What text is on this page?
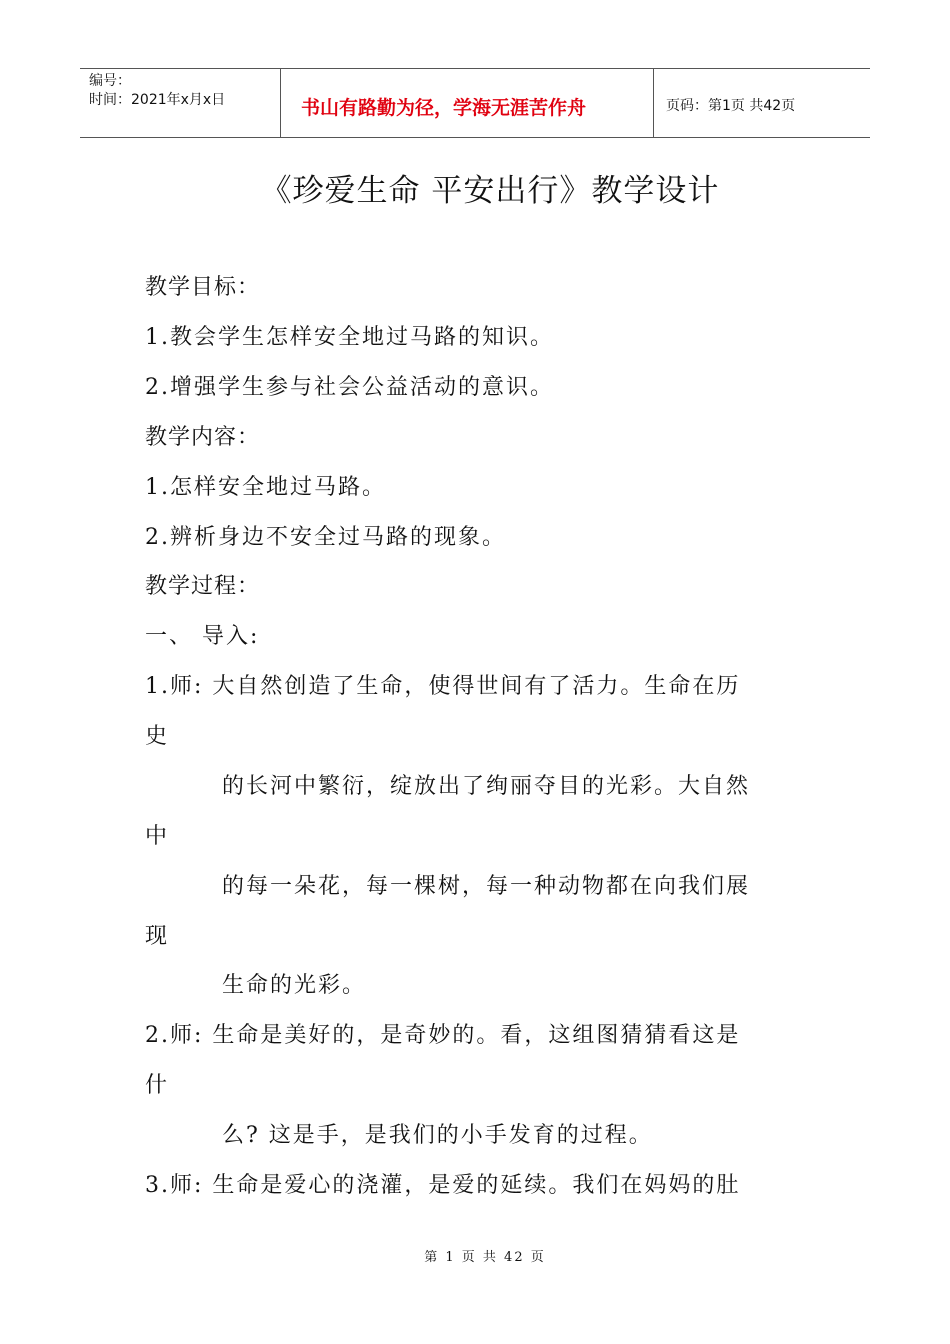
编号：
时间：2021年x月x日	书山有路勤为径，学海无涯苦作舟	页码：第1页 共42页
《珍爱生命 平安出行》教学设计
教学目标：
1.教会学生怎样安全地过马路的知识。
2.增强学生参与社会公益活动的意识。
教学内容：
1.怎样安全地过马路。
2.辨析身边不安全过马路的现象。
教学过程：
一、 导入:
1.师: 大自然创造了生命，使得世间有了活力。生命在历
史
的长河中繁衍，绽放出了绚丽夺目的光彩。大自然
中
的每一朵花，每一棵树，每一种动物都在向我们展
现
生命的光彩。
2.师: 生命是美好的，是奇妙的。看，这组图猜猜看这是
什
么? 这是手，是我们的小手发育的过程。
3.师: 生命是爱心的浇灌，是爱的延续。我们在妈妈的肚
第 1 页 共 42 页
